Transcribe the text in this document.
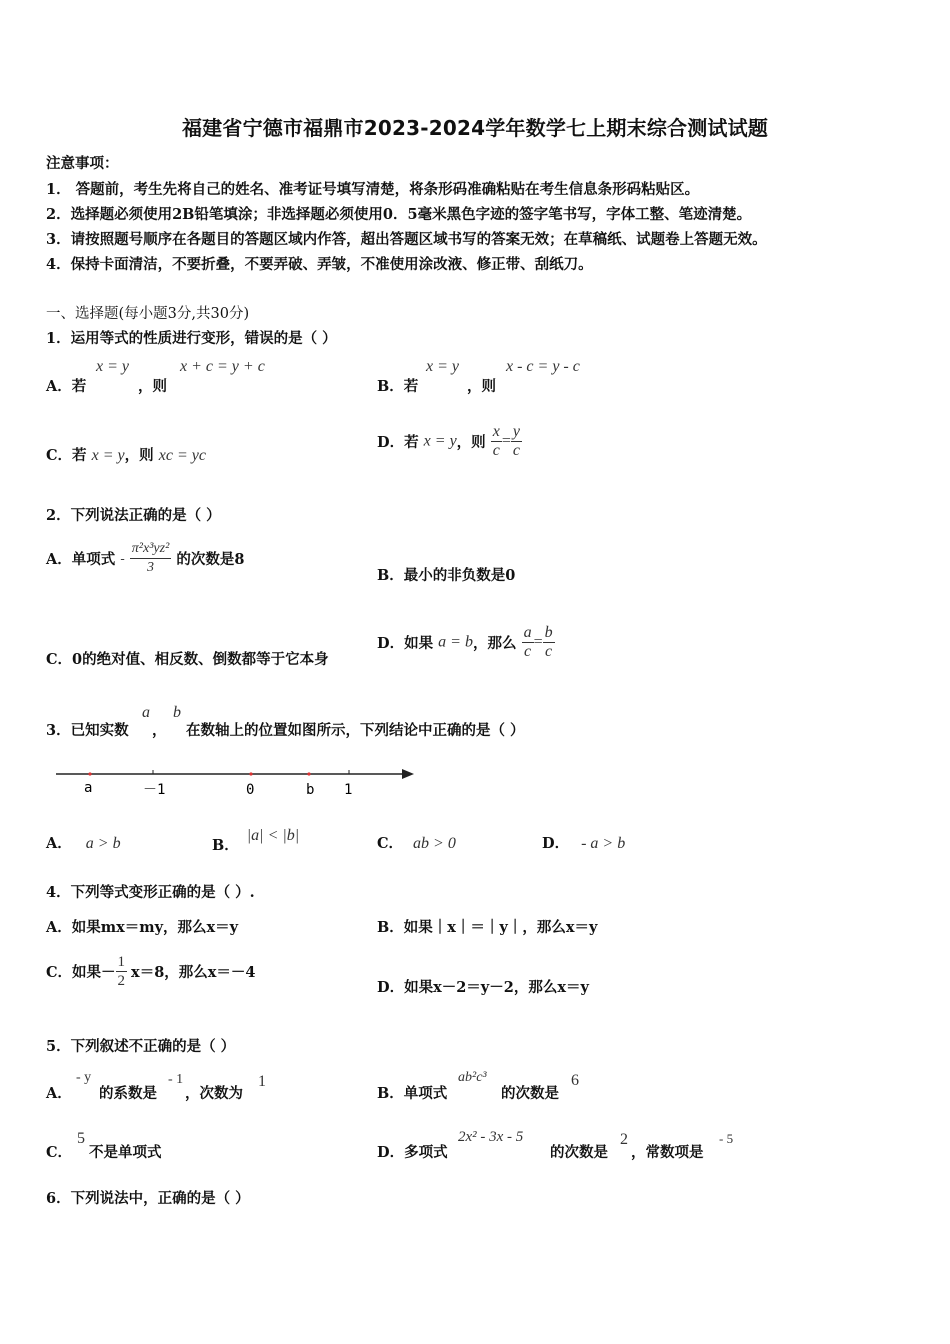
福建省宁德市福鼎市2023-2024学年数学七上期末综合测试试题
注意事项：
1． 答题前，考生先将自己的姓名、准考证号填写清楚，将条形码准确粘贴在考生信息条形码粘贴区。
2．选择题必须使用2B铅笔填涂；非选择题必须使用0．5毫米黑色字迹的签字笔书写，字体工整、笔迹清楚。
3．请按照题号顺序在各题目的答题区域内作答，超出答题区域书写的答案无效；在草稿纸、试题卷上答题无效。
4．保持卡面清洁，不要折叠，不要弄破、弄皱，不准使用涂改液、修正带、刮纸刀。
一、选择题(每小题3分,共30分)
1．运用等式的性质进行变形，错误的是（ ）
A．若
x = y
，则
x + c = y + c
B．若
x = y
，则
x - c = y - c
C．若 x = y，则 xc = yc
D．若 x = y，则 $\frac{x}{c} = \frac{y}{c}$
2．下列说法正确的是（ ）
A．单项式 - $\frac{\text{π²x³yz²}}{3}$ 的次数是8
B．最小的非负数是0
C．0的绝对值、相反数、倒数都等于它本身
D．如果 a = b，那么 $\frac{a}{c} = \frac{b}{c}$
3．已知实数
a
，
b
在数轴上的位置如图所示，下列结论中正确的是（ ）
a	－1	0	b 1
A． a > b	B．|a| < |b|	C． ab > 0	D． - a > b
4．下列等式变形正确的是（ ）.
A．如果mx＝my，那么x＝y	B．如果｜x｜＝｜y｜，那么x＝y
C．如果－ $\frac{1}{2} x=8$，那么x＝－4
D．如果x－2＝y－2，那么x＝y
5．下列叙述不正确的是（ ）
A．
- y
的系数是
- 1
，次数为
1
B．单项式
ab²c³
的次数是
6
C．
5
不是单项式	D．多项式
2x² - 3x - 5
的次数是
2
，常数项是
- 5
6．下列说法中，正确的是（ ）
